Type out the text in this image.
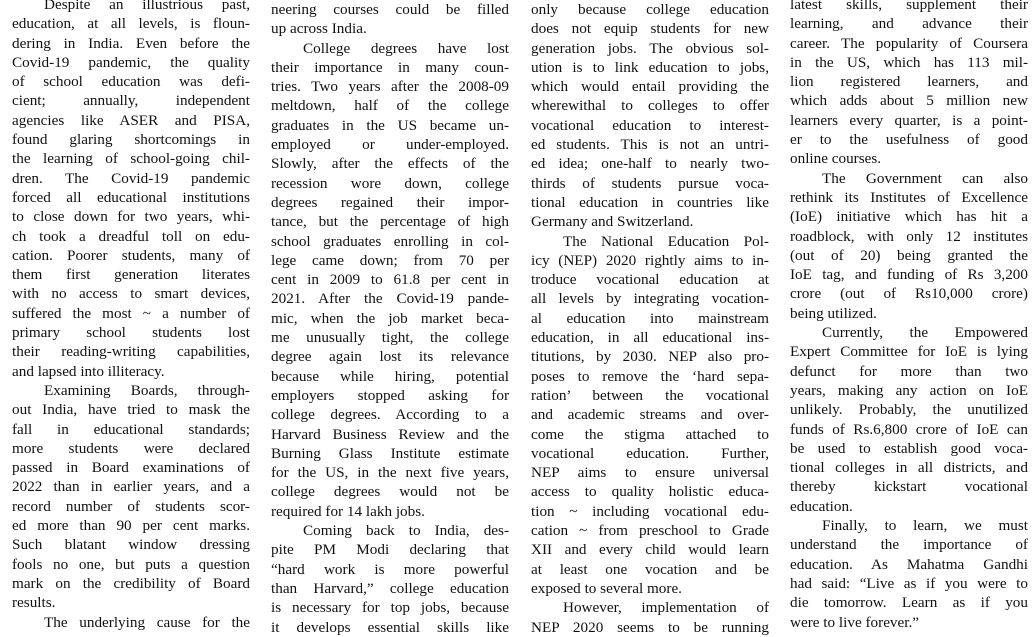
Despite an illustrious past,
education, at all levels, is floun-
dering in India. Even before the
Covid-19 pandemic, the quality
of school education was defi-
cient; annually, independent
agencies like ASER and PISA,
found glaring shortcomings in
the learning of school-going chil-
dren. The Covid-19 pandemic
forced all educational institutions
to close down for two years, whi-
ch took a dreadful toll on edu-
cation. Poorer students, many of
them first generation literates
with no access to smart devices,
suffered the most ~ a number of
primary school students lost
their reading-writing capabilities,
and lapsed into illiteracy.
Examining Boards, through-
out India, have tried to mask the
fall in educational standards;
more students were declared
passed in Board examinations of
2022 than in earlier years, and a
record number of students scor-
ed more than 90 per cent marks.
Such blatant window dressing
fools no one, but puts a question
mark on the credibility of Board
results.
The underlying cause for the
neering courses could be filled
up across India.
College degrees have lost
their importance in many coun-
tries. Two years after the 2008-09
meltdown, half of the college
graduates in the US became un-
employed or under-employed.
Slowly, after the effects of the
recession wore down, college
degrees regained their impor-
tance, but the percentage of high
school graduates enrolling in col-
lege came down; from 70 per
cent in 2009 to 61.8 per cent in
2021. After the Covid-19 pande-
mic, when the job market beca-
me unusually tight, the college
degree again lost its relevance
because while hiring, potential
employers stopped asking for
college degrees. According to a
Harvard Business Review and the
Burning Glass Institute estimate
for the US, in the next five years,
college degrees would not be
required for 14 lakh jobs.
Coming back to India, des-
pite PM Modi declaring that
“hard work is more powerful
than Harvard,” college education
is necessary for top jobs, because
it develops essential skills like
only because college education
does not equip students for new
generation jobs. The obvious sol-
ution is to link education to jobs,
which would entail providing the
wherewithal to colleges to offer
vocational education to interest-
ed students. This is not an untri-
ed idea; one-half to nearly two-
thirds of students pursue voca-
tional education in countries like
Germany and Switzerland.
The National Education Pol-
icy (NEP) 2020 rightly aims to in-
troduce vocational education at
all levels by integrating vocation-
al education into mainstream
education, in all educational ins-
titutions, by 2030. NEP also pro-
poses to remove the ‘hard sepa-
ration’ between the vocational
and academic streams and over-
come the stigma attached to
vocational education. Further,
NEP aims to ensure universal
access to quality holistic educa-
tion ~ including vocational edu-
cation ~ from preschool to Grade
XII and every child would learn
at least one vocation and be
exposed to several more.
However, implementation of
NEP 2020 seems to be running
latest skills, supplement their
learning, and advance their
career. The popularity of Coursera
in the US, which has 113 mil-
lion registered learners, and
which adds about 5 million new
learners every quarter, is a point-
er to the usefulness of good
online courses.
The Government can also
rethink its Institutes of Excellence
(IoE) initiative which has hit a
roadblock, with only 12 institutes
(out of 20) being granted the
IoE tag, and funding of Rs 3,200
crore (out of Rs10,000 crore)
being utilized.
Currently, the Empowered
Expert Committee for IoE is lying
defunct for more than two
years, making any action on IoE
unlikely. Probably, the unutilized
funds of Rs.6,800 crore of IoE can
be used to establish good voca-
tional colleges in all districts, and
thereby kickstart vocational
education.
Finally, to learn, we must
understand the importance of
education. As Mahatma Gandhi
had said: “Live as if you were to
die tomorrow. Learn as if you
were to live forever.”
